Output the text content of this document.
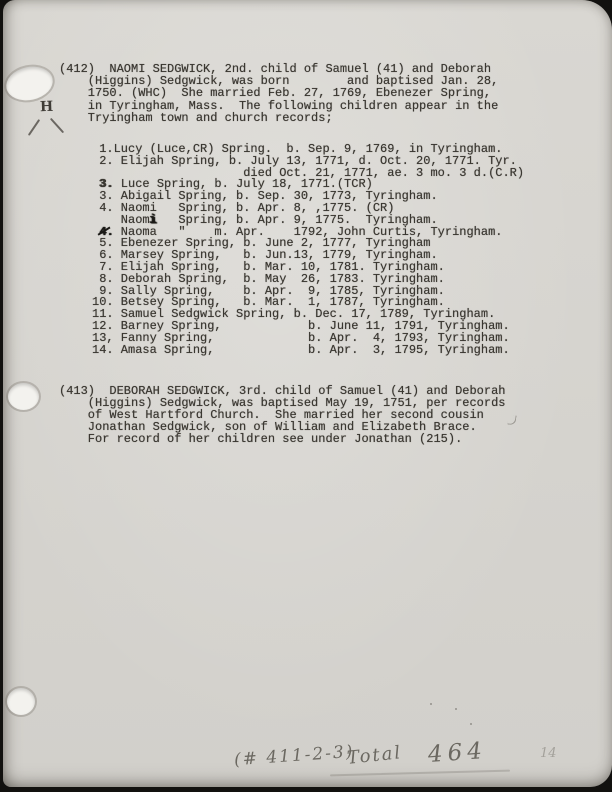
H
(412)  NAOMI SEDGWICK, 2nd. child of Samuel (41) and Deborah
(Higgins) Sedgwick, was born        and baptised Jan. 28,
1750. (WHC)  She married Feb. 27, 1769, Ebenezer Spring,
in Tyringham, Mass.  The following children appear in the
Tryingham town and church records;
1.Lucy (Luce,CR) Spring.  b. Sep. 9, 1769, in Tyringham.
2. Elijah Spring, b. July 13, 1771, d. Oct. 20, 1771. Tyr.
died Oct. 21, 1771, ae. 3 mo. 3 d.(C.R)
3. Luce Spring, b. July 18, 1771.(TCR)
3. Abigail Spring, b. Sep. 30, 1773, Tyringham.
4. Naomi   Spring, b. Apr. 8, ,1775. (CR)
Naomi   Spring, b. Apr. 9, 1775.  Tyringham.
4. Naoma   "    m. Apr.    1792, John Curtis, Tyringham.
5. Ebenezer Spring, b. June 2, 1777, Tyringham
6. Marsey Spring,   b. Jun.13, 1779, Tyringham.
7. Elijah Spring,   b. Mar. 10, 1781. Tyringham.
8. Deborah Spring,  b. May  26, 1783. Tyringham.
9. Sally Spring,    b. Apr.  9, 1785, Tyringham.
10. Betsey Spring,   b. Mar.  1, 1787, Tyringham.
11. Samuel Sedgwick Spring, b. Dec. 17, 1789, Tyringham.
12. Barney Spring,            b. June 11, 1791, Tyringham.
13, Fanny Spring,             b. Apr.  4, 1793, Tyringham.
14. Amasa Spring,             b. Apr.  3, 1795, Tyringham.
(413)  DEBORAH SEDGWICK, 3rd. child of Samuel (41) and Deborah
(Higgins) Sedgwick, was baptised May 19, 1751, per records
of West Hartford Church.  She married her second cousin
Jonathan Sedgwick, son of William and Elizabeth Brace.
For record of her children see under Jonathan (215).
(# 411-2-3)
Total 464	14
